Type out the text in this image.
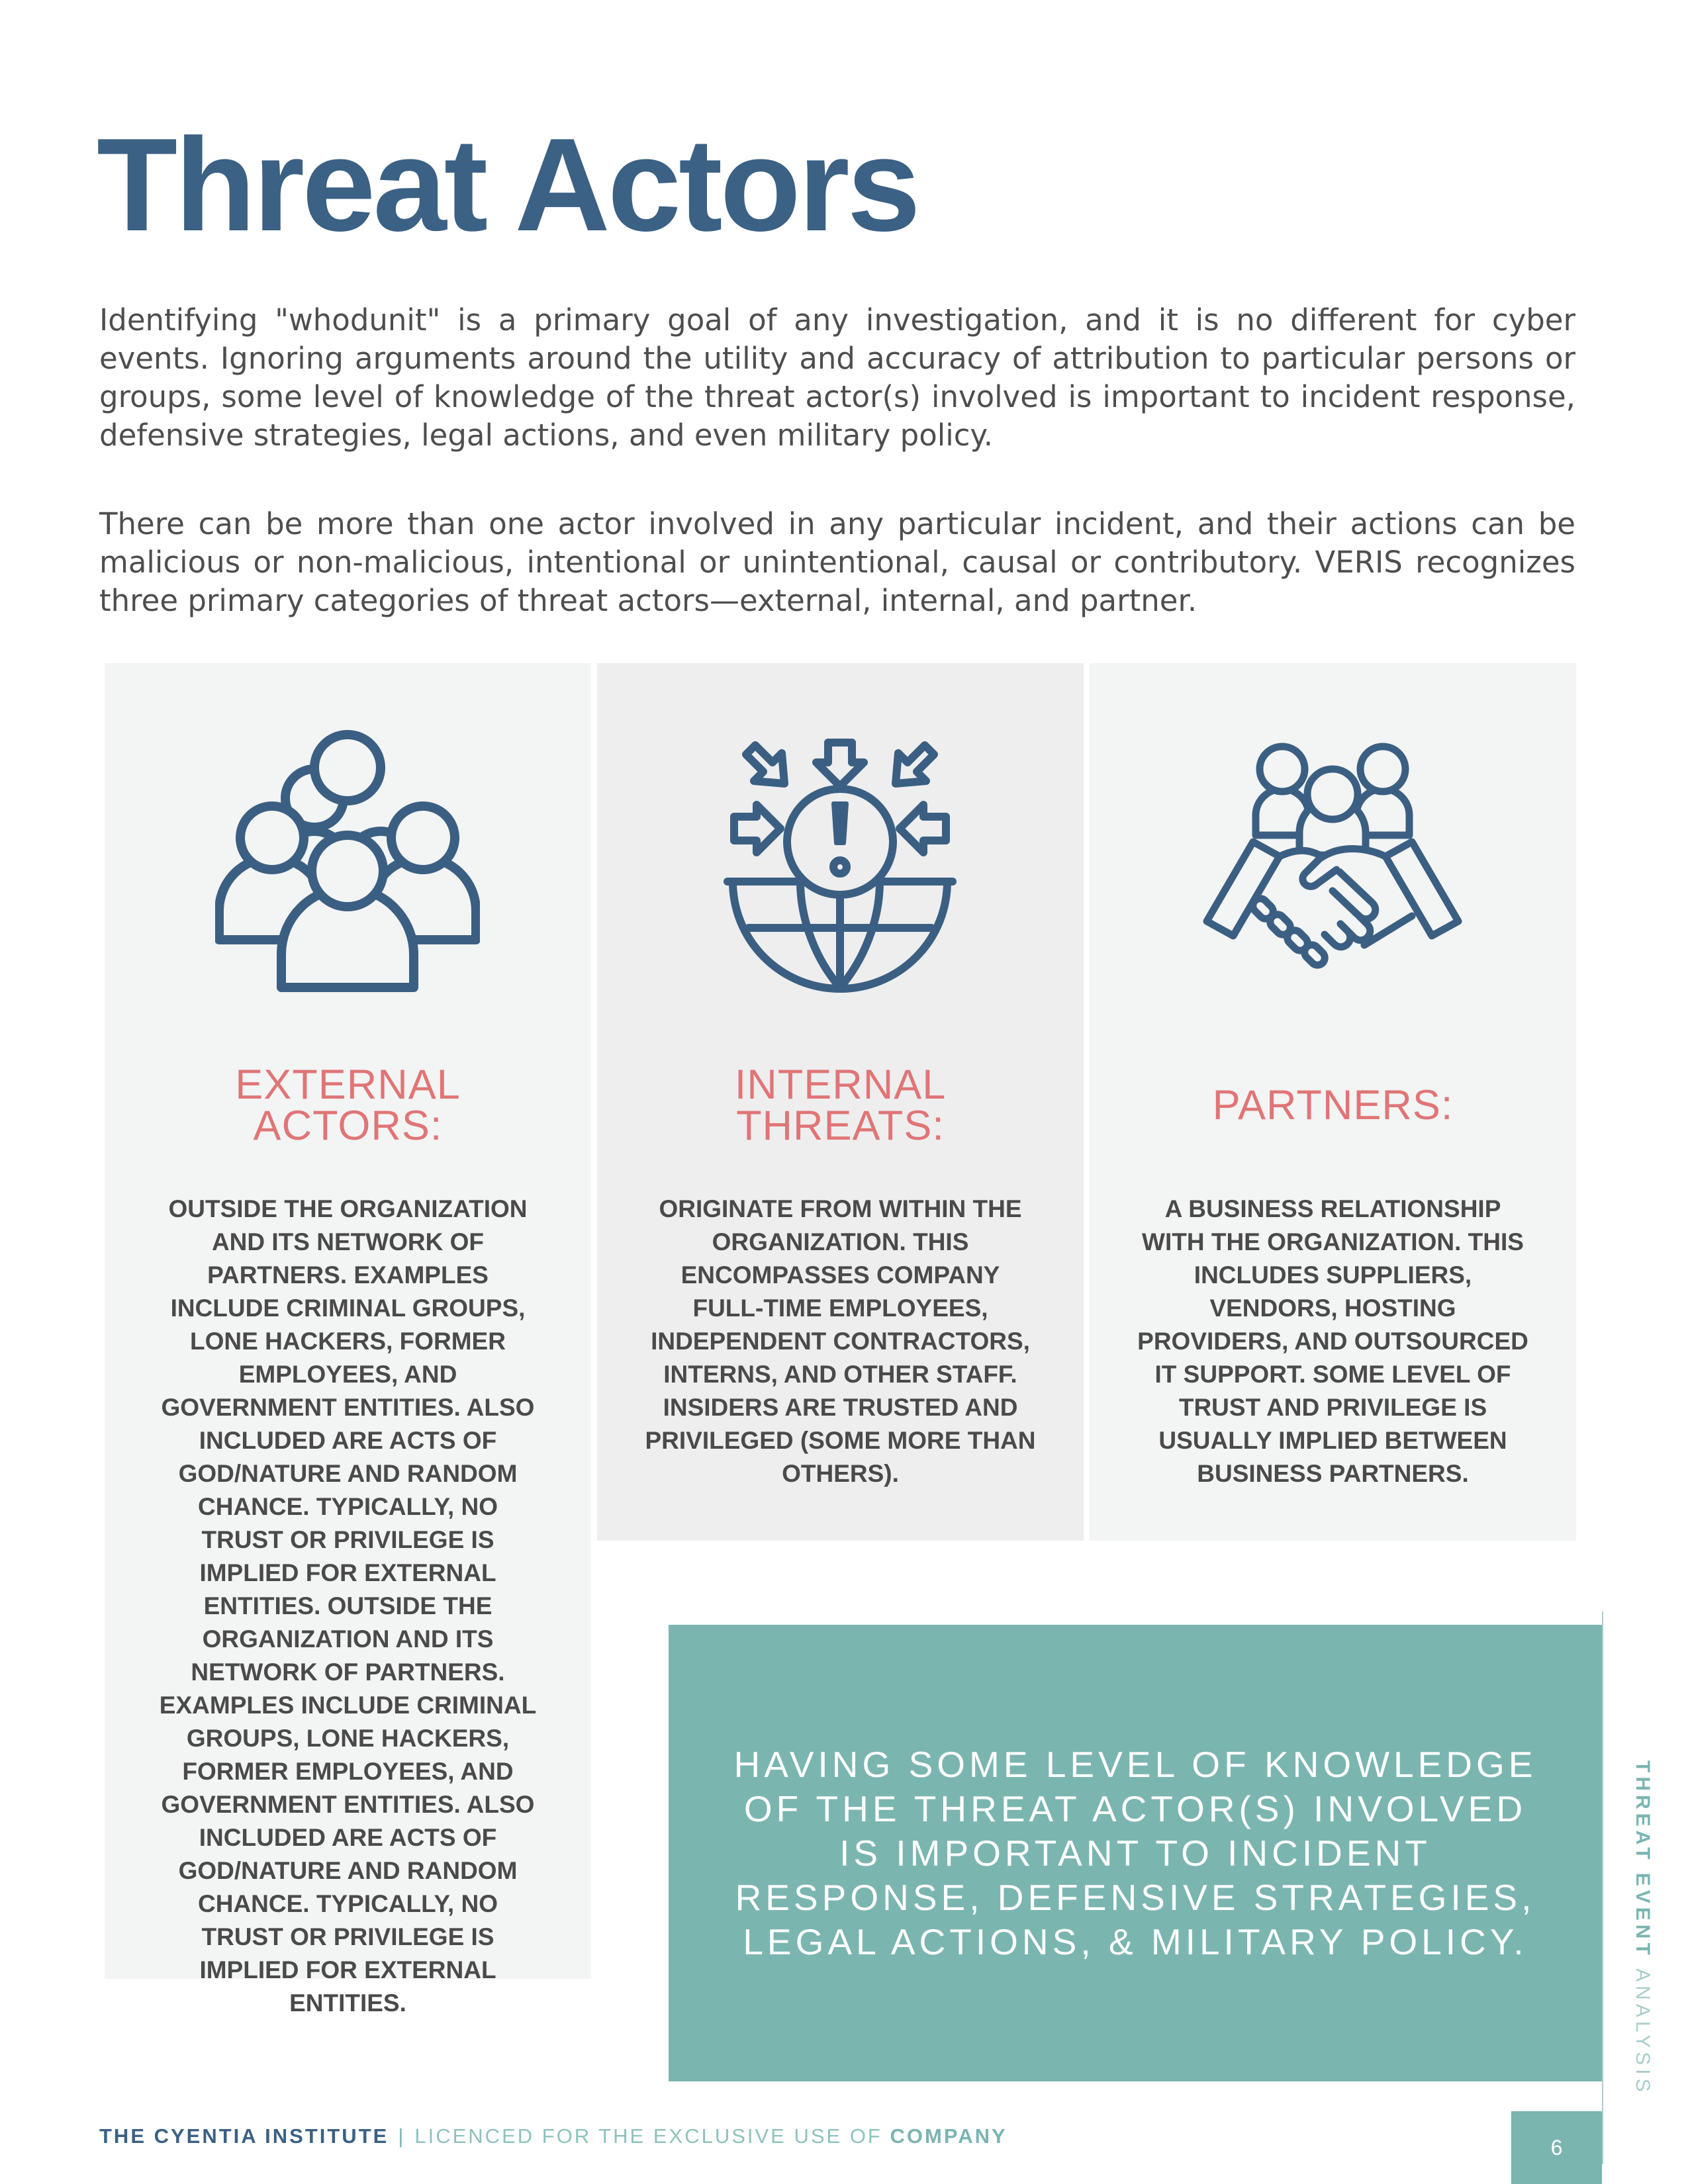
Threat Actors

Identifying "whodunit" is a primary goal of any investigation, and it is no different for cyber events. Ignoring arguments around the utility and accuracy of attribution to particular persons or groups, some level of knowledge of the threat actor(s) involved is important to incident response, defensive strategies, legal actions, and even military policy.

There can be more than one actor involved in any particular incident, and their actions can be malicious or non-malicious, intentional or unintentional, causal or contributory. VERIS recognizes three primary categories of threat actors—external, internal, and partner.

EXTERNAL ACTORS:
OUTSIDE THE ORGANIZATION AND ITS NETWORK OF PARTNERS. EXAMPLES INCLUDE CRIMINAL GROUPS, LONE HACKERS, FORMER EMPLOYEES, AND GOVERNMENT ENTITIES. ALSO INCLUDED ARE ACTS OF GOD/NATURE AND RANDOM CHANCE. TYPICALLY, NO TRUST OR PRIVILEGE IS IMPLIED FOR EXTERNAL ENTITIES. OUTSIDE THE ORGANIZATION AND ITS NETWORK OF PARTNERS. EXAMPLES INCLUDE CRIMINAL GROUPS, LONE HACKERS, FORMER EMPLOYEES, AND GOVERNMENT ENTITIES. ALSO INCLUDED ARE ACTS OF GOD/NATURE AND RANDOM CHANCE. TYPICALLY, NO TRUST OR PRIVILEGE IS IMPLIED FOR EXTERNAL ENTITIES.
INTERNAL THREATS:
ORIGINATE FROM WITHIN THE ORGANIZATION. THIS ENCOMPASSES COMPANY FULL-TIME EMPLOYEES, INDEPENDENT CONTRACTORS, INTERNS, AND OTHER STAFF. INSIDERS ARE TRUSTED AND PRIVILEGED (SOME MORE THAN OTHERS).
PARTNERS:
A BUSINESS RELATIONSHIP WITH THE ORGANIZATION. THIS INCLUDES SUPPLIERS, VENDORS, HOSTING PROVIDERS, AND OUTSOURCED IT SUPPORT. SOME LEVEL OF TRUST AND PRIVILEGE IS USUALLY IMPLIED BETWEEN BUSINESS PARTNERS.
HAVING SOME LEVEL OF KNOWLEDGE OF THE THREAT ACTOR(S) INVOLVED IS IMPORTANT TO INCIDENT RESPONSE, DEFENSIVE STRATEGIES, LEGAL ACTIONS, & MILITARY POLICY.	THREAT EVENT ANALYSIS
THE CYENTIA INSTITUTE | LICENCED FOR THE EXCLUSIVE USE OF COMPANY	6
